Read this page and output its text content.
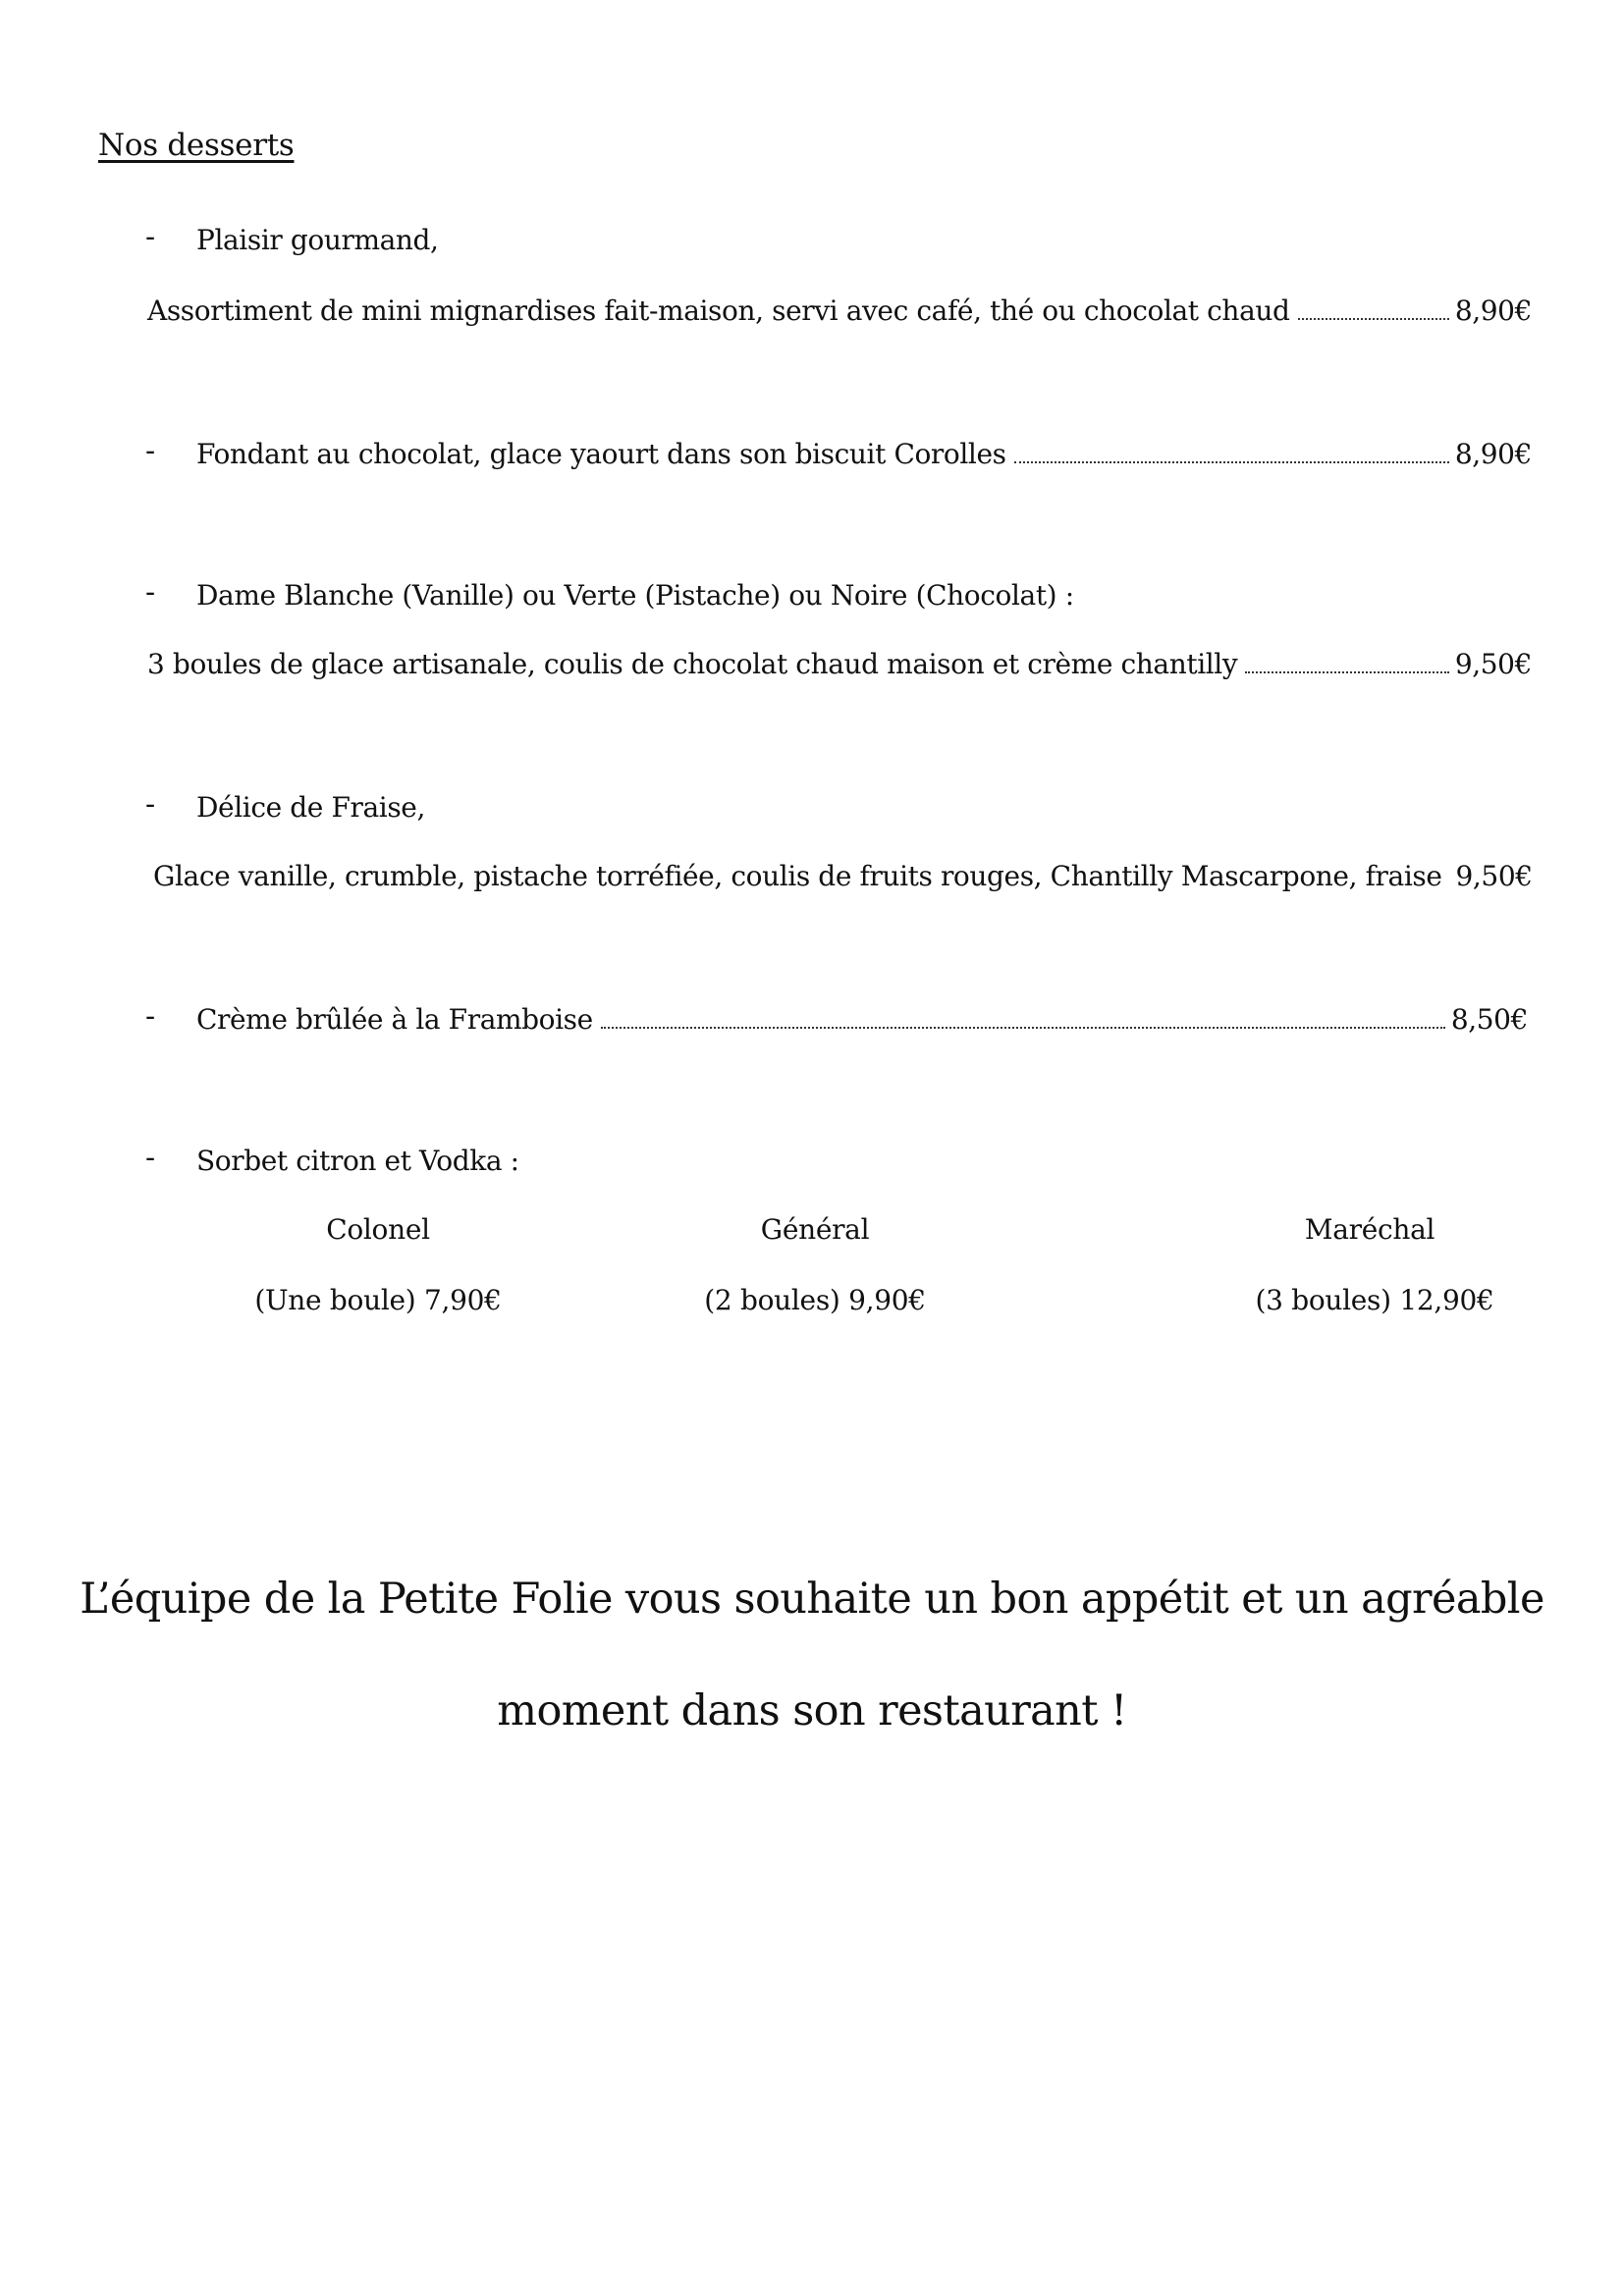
Nos desserts
- Plaisir gourmand,
Assortiment de mini mignardises fait-maison, servi avec café, thé ou chocolat chaud	8,90€
- Fondant au chocolat, glace yaourt dans son biscuit Corolles	8,90€
- Dame Blanche (Vanille) ou Verte (Pistache) ou Noire (Chocolat) :
3 boules de glace artisanale, coulis de chocolat chaud maison et crème chantilly	9,50€
- Délice de Fraise,
Glace vanille, crumble, pistache torréfiée, coulis de fruits rouges, Chantilly Mascarpone, fraise 9,50€
- Crème brûlée à la Framboise	8,50€
- Sorbet citron et Vodka :
Colonel	Général	Maréchal
(Une boule) 7,90€	(2 boules) 9,90€	(3 boules) 12,90€
L’équipe de la Petite Folie vous souhaite un bon appétit et un agréable
moment dans son restaurant !
